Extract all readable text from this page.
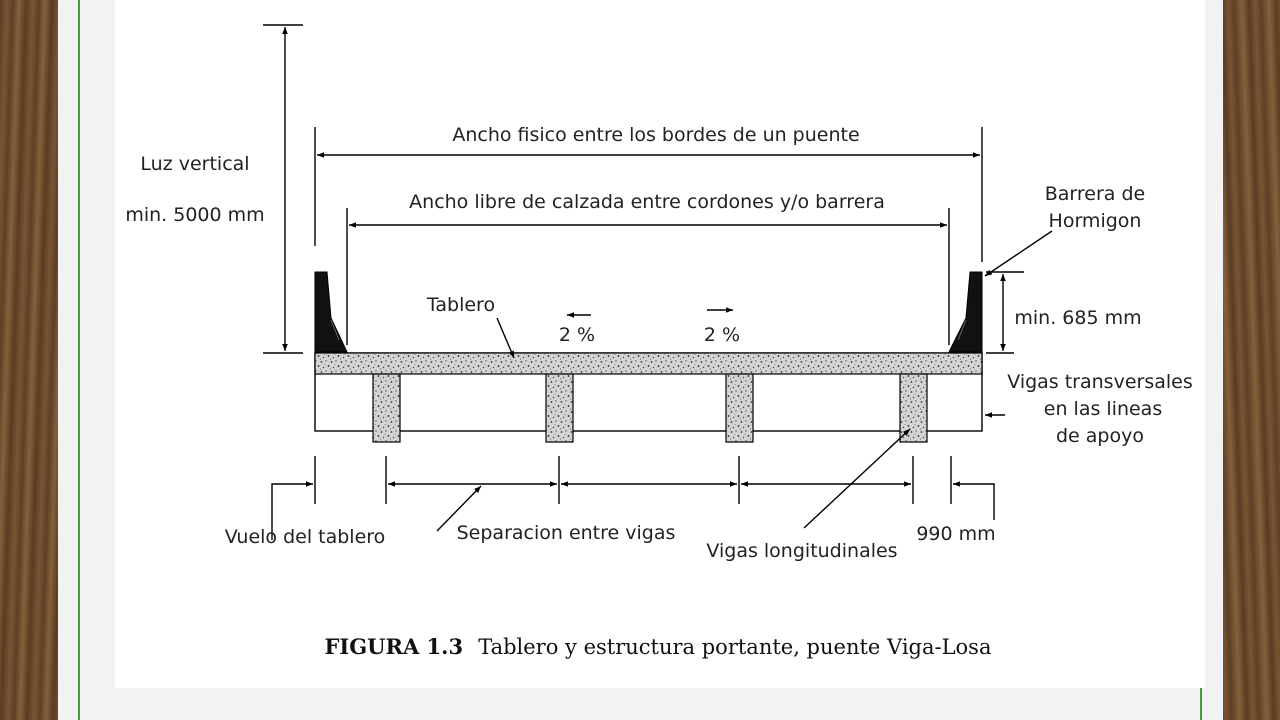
Luz vertical
min. 5000 mm
Ancho fisico entre los bordes de un puente
Ancho libre de calzada entre cordones y/o barrera	Barrera de
Hormigon
Tablero
2 %	2 %
min. 685 mm
Vigas transversales
en las lineas
de apoyo
Vuelo del tablero	Separacion entre vigas
Vigas longitudinales
990 mm
FIGURA 1.3 Tablero y estructura portante, puente Viga-Losa
